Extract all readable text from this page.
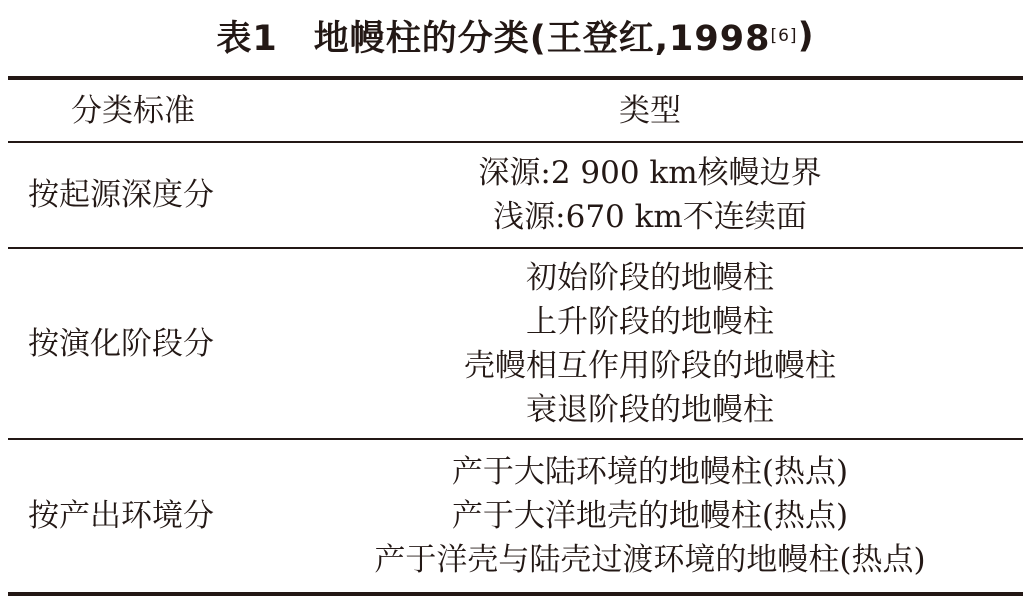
表1 地幔柱的分类(王登红,1998 [6] )
分类标准	类型
按起源深度分
深源:2 900 km核幔边界
浅源:670 km不连续面
按演化阶段分
初始阶段的地幔柱
上升阶段的地幔柱
壳幔相互作用阶段的地幔柱
衰退阶段的地幔柱
按产出环境分
产于大陆环境的地幔柱(热点)
产于大洋地壳的地幔柱(热点)
产于洋壳与陆壳过渡环境的地幔柱(热点)
